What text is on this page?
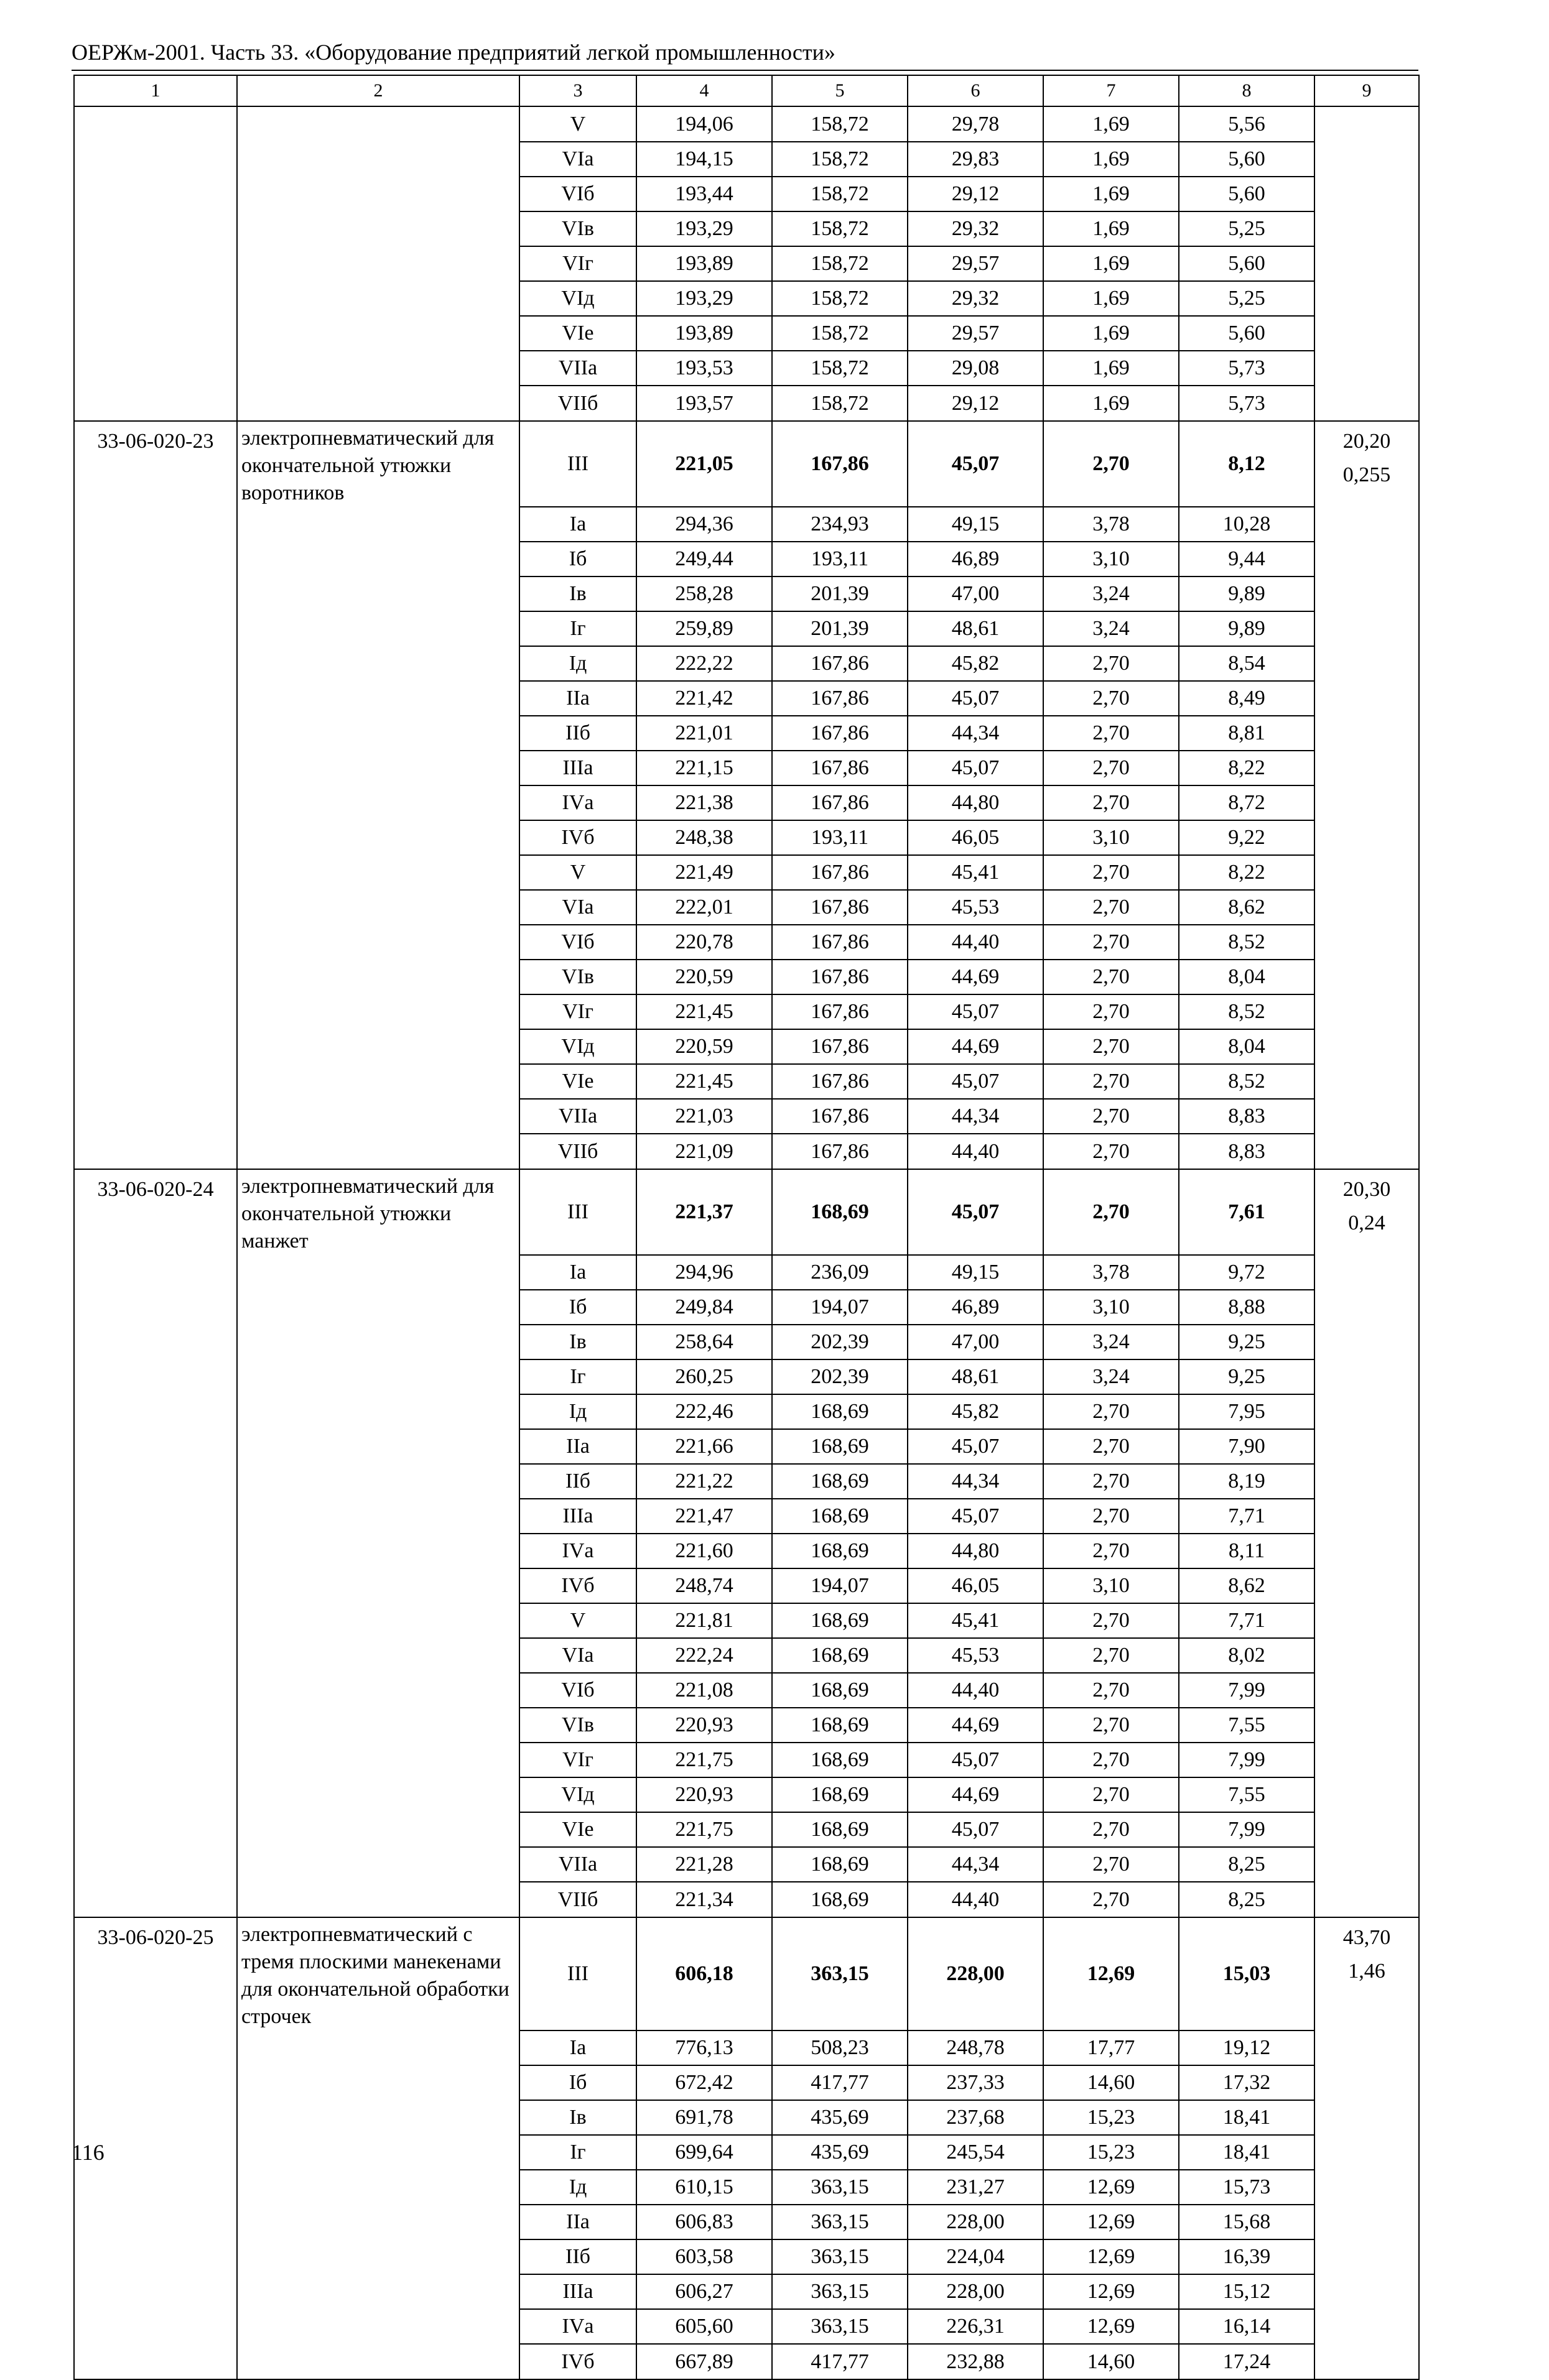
ОЕРЖм-2001. Часть 33. «Оборудование предприятий легкой промышленности»
1	2	3	4	5	6	7	8	9
		V	194,06	158,72	29,78	1,69	5,56	
		VIа	194,15	158,72	29,83	1,69	5,60	
		VIб	193,44	158,72	29,12	1,69	5,60	
		VIв	193,29	158,72	29,32	1,69	5,25	
		VIг	193,89	158,72	29,57	1,69	5,60	
		VIд	193,29	158,72	29,32	1,69	5,25	
		VIе	193,89	158,72	29,57	1,69	5,60	
		VIIа	193,53	158,72	29,08	1,69	5,73	
		VIIб	193,57	158,72	29,12	1,69	5,73	

33-06-020-23	электропневматический для окончательной утюжки воротников	III	221,05	167,86	45,07	2,70	8,12	20,20
0,255

		Iа	294,36	234,93	49,15	3,78	10,28	
		Iб	249,44	193,11	46,89	3,10	9,44	
		Iв	258,28	201,39	47,00	3,24	9,89	
		Iг	259,89	201,39	48,61	3,24	9,89	
		Iд	222,22	167,86	45,82	2,70	8,54	
		IIа	221,42	167,86	45,07	2,70	8,49	
		IIб	221,01	167,86	44,34	2,70	8,81	
		IIIа	221,15	167,86	45,07	2,70	8,22	
		IVа	221,38	167,86	44,80	2,70	8,72	
		IVб	248,38	193,11	46,05	3,10	9,22	
		V	221,49	167,86	45,41	2,70	8,22	
		VIа	222,01	167,86	45,53	2,70	8,62	
		VIб	220,78	167,86	44,40	2,70	8,52	
		VIв	220,59	167,86	44,69	2,70	8,04	
		VIг	221,45	167,86	45,07	2,70	8,52	
		VIд	220,59	167,86	44,69	2,70	8,04	
		VIе	221,45	167,86	45,07	2,70	8,52	
		VIIа	221,03	167,86	44,34	2,70	8,83	
		VIIб	221,09	167,86	44,40	2,70	8,83	

33-06-020-24	электропневматический для окончательной утюжки манжет	III	221,37	168,69	45,07	2,70	7,61	20,30
0,24

		Iа	294,96	236,09	49,15	3,78	9,72	
		Iб	249,84	194,07	46,89	3,10	8,88	
		Iв	258,64	202,39	47,00	3,24	9,25	
		Iг	260,25	202,39	48,61	3,24	9,25	
		Iд	222,46	168,69	45,82	2,70	7,95	
		IIа	221,66	168,69	45,07	2,70	7,90	
		IIб	221,22	168,69	44,34	2,70	8,19	
		IIIа	221,47	168,69	45,07	2,70	7,71	
		IVа	221,60	168,69	44,80	2,70	8,11	
		IVб	248,74	194,07	46,05	3,10	8,62	
		V	221,81	168,69	45,41	2,70	7,71	
		VIа	222,24	168,69	45,53	2,70	8,02	
		VIб	221,08	168,69	44,40	2,70	7,99	
		VIв	220,93	168,69	44,69	2,70	7,55	
		VIг	221,75	168,69	45,07	2,70	7,99	
		VIд	220,93	168,69	44,69	2,70	7,55	
		VIе	221,75	168,69	45,07	2,70	7,99	
		VIIа	221,28	168,69	44,34	2,70	8,25	
		VIIб	221,34	168,69	44,40	2,70	8,25	

33-06-020-25	электропневматический с тремя плоскими манекенами для окончательной обработки строчек	III	606,18	363,15	228,00	12,69	15,03	43,70
1,46

		Iа	776,13	508,23	248,78	17,77	19,12	
		Iб	672,42	417,77	237,33	14,60	17,32	
		Iв	691,78	435,69	237,68	15,23	18,41	
		Iг	699,64	435,69	245,54	15,23	18,41	
		Iд	610,15	363,15	231,27	12,69	15,73	
		IIа	606,83	363,15	228,00	12,69	15,68	
		IIб	603,58	363,15	224,04	12,69	16,39	
		IIIа	606,27	363,15	228,00	12,69	15,12	
		IVа	605,60	363,15	226,31	12,69	16,14	
		IVб	667,89	417,77	232,88	14,60	17,24	
116
